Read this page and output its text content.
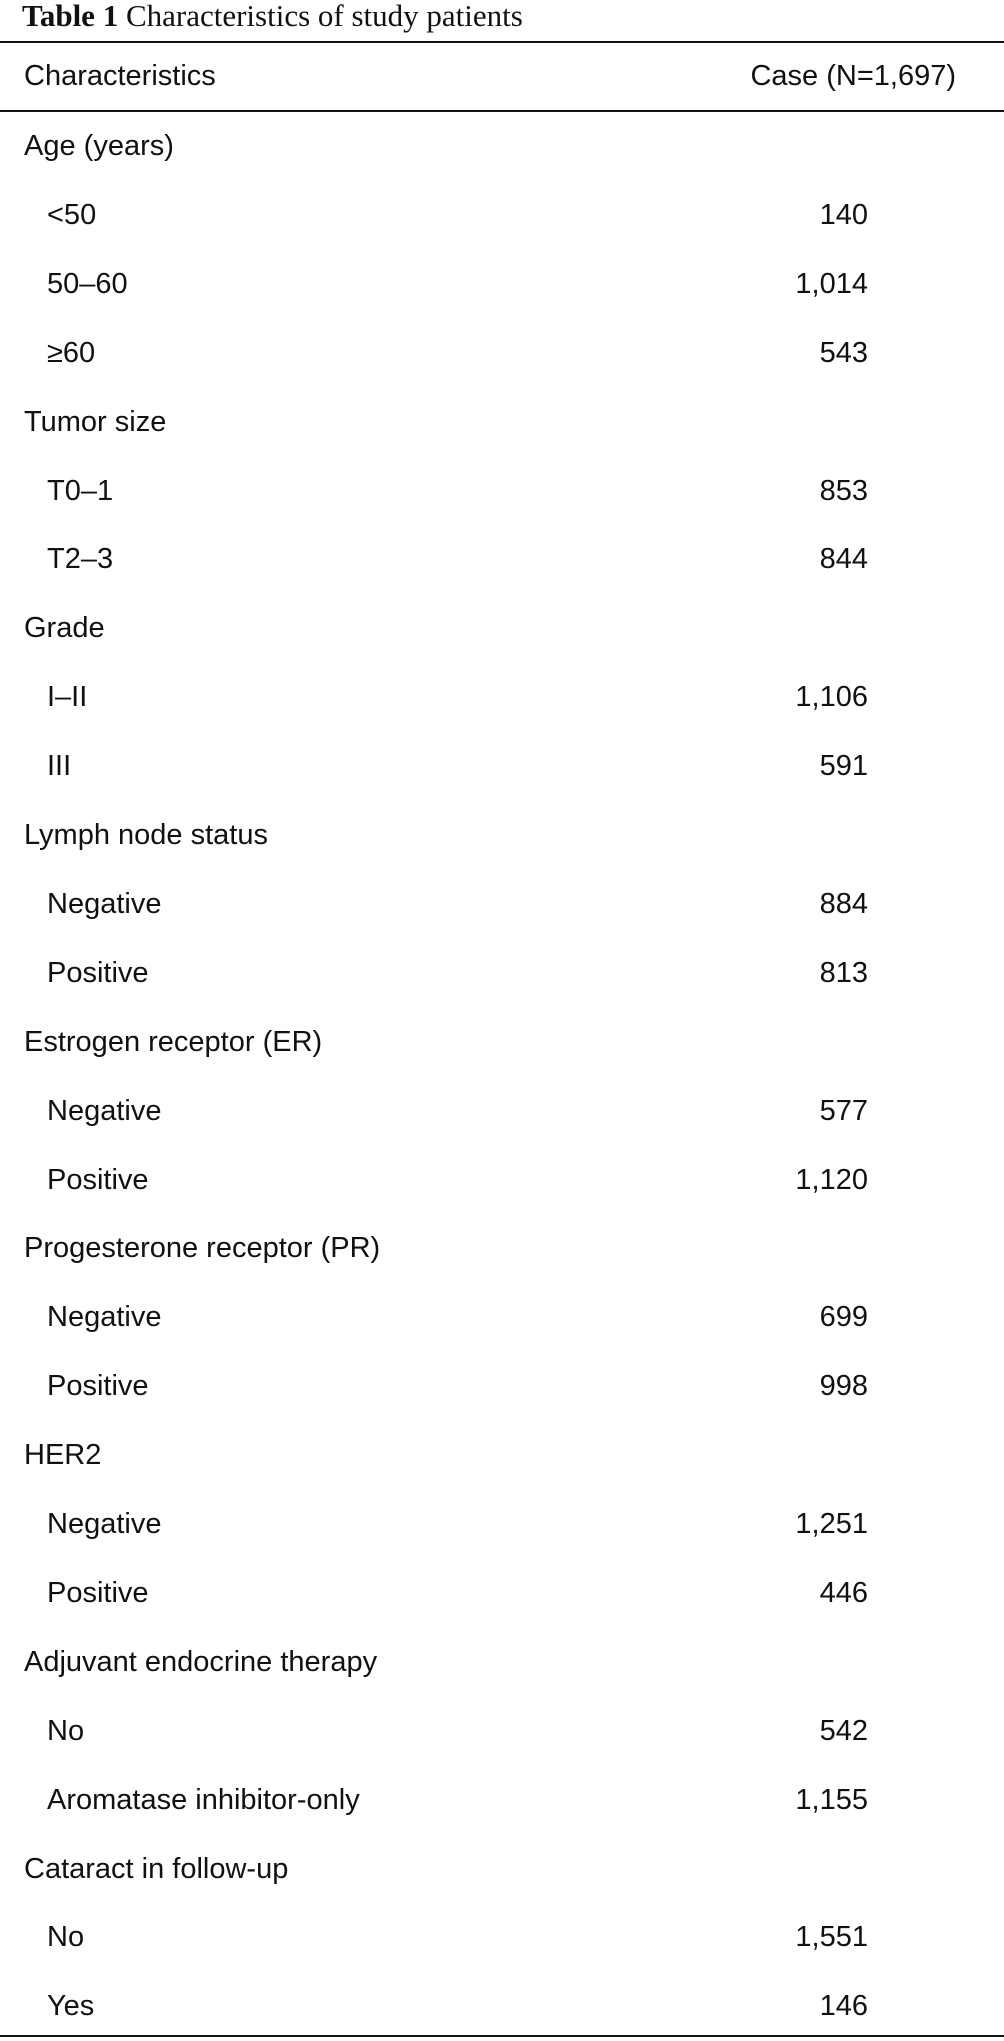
Table 1 Characteristics of study patients
Characteristics	Case (N=1,697)
Age (years)
<50	140
50–60	1,014
≥60	543
Tumor size
T0–1	853
T2–3	844
Grade
I–II	1,106
III	591
Lymph node status
Negative	884
Positive	813
Estrogen receptor (ER)
Negative	577
Positive	1,120
Progesterone receptor (PR)
Negative	699
Positive	998
HER2
Negative	1,251
Positive	446
Adjuvant endocrine therapy
No	542
Aromatase inhibitor-only	1,155
Cataract in follow-up
No	1,551
Yes	146
